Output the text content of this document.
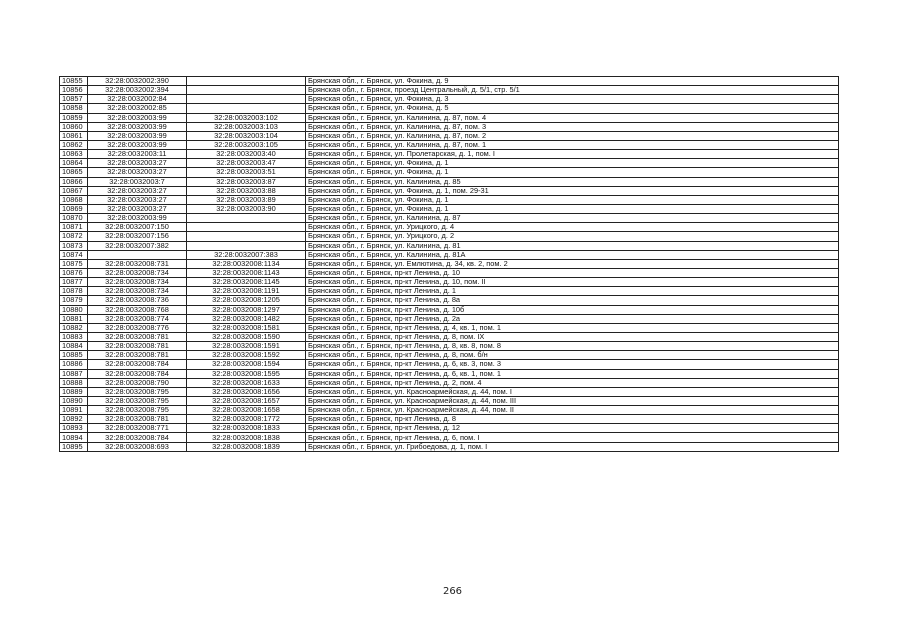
10855	32:28:0032002:390		Брянская обл., г. Брянск, ул. Фокина, д. 9
10856	32:28:0032002:394		Брянская обл., г. Брянск, проезд Центральный, д. 5/1, стр. 5/1
10857	32:28:0032002:84		Брянская обл., г. Брянск, ул. Фокина, д. 3
10858	32:28:0032002:85		Брянская обл., г. Брянск, ул. Фокина, д. 5
10859	32:28:0032003:99	32:28:0032003:102	Брянская обл., г. Брянск, ул. Калинина, д. 87, пом. 4
10860	32:28:0032003:99	32:28:0032003:103	Брянская обл., г. Брянск, ул. Калинина, д. 87, пом. 3
10861	32:28:0032003:99	32:28:0032003:104	Брянская обл., г. Брянск, ул. Калинина, д. 87, пом. 2
10862	32:28:0032003:99	32:28:0032003:105	Брянская обл., г. Брянск, ул. Калинина, д. 87, пом. 1
10863	32:28:0032003:11	32:28:0032003:40	Брянская обл., г. Брянск, ул. Пролетарская, д. 1, пом. I
10864	32:28:0032003:27	32:28:0032003:47	Брянская обл., г. Брянск, ул. Фокина, д. 1
10865	32:28:0032003:27	32:28:0032003:51	Брянская обл., г. Брянск, ул. Фокина, д. 1
10866	32:28:0032003:7	32:28:0032003:87	Брянская обл., г. Брянск, ул. Калинина, д. 85
10867	32:28:0032003:27	32:28:0032003:88	Брянская обл., г. Брянск, ул. Фокина, д. 1, пом. 29-31
10868	32:28:0032003:27	32:28:0032003:89	Брянская обл., г. Брянск, ул. Фокина, д. 1
10869	32:28:0032003:27	32:28:0032003:90	Брянская обл., г. Брянск, ул. Фокина, д. 1
10870	32:28:0032003:99		Брянская обл., г. Брянск, ул. Калинина, д. 87
10871	32:28:0032007:150		Брянская обл., г. Брянск, ул. Урицкого, д. 4
10872	32:28:0032007:156		Брянская обл., г. Брянск, ул. Урицкого, д. 2
10873	32:28:0032007:382		Брянская обл., г. Брянск, ул. Калинина, д. 81
10874		32:28:0032007:383	Брянская обл., г. Брянск, ул. Калинина, д. 81А
10875	32:28:0032008:731	32:28:0032008:1134	Брянская обл., г. Брянск, ул. Емлютина, д. 34, кв. 2, пом. 2
10876	32:28:0032008:734	32:28:0032008:1143	Брянская обл., г. Брянск, пр-кт Ленина, д. 10
10877	32:28:0032008:734	32:28:0032008:1145	Брянская обл., г. Брянск, пр-кт Ленина, д. 10, пом. II
10878	32:28:0032008:734	32:28:0032008:1191	Брянская обл., г. Брянск, пр-кт Ленина, д. 1
10879	32:28:0032008:736	32:28:0032008:1205	Брянская обл., г. Брянск, пр-кт Ленина, д. 8а
10880	32:28:0032008:768	32:28:0032008:1297	Брянская обл., г. Брянск, пр-кт Ленина, д. 10б
10881	32:28:0032008:774	32:28:0032008:1482	Брянская обл., г. Брянск, пр-кт Ленина, д. 2а
10882	32:28:0032008:776	32:28:0032008:1581	Брянская обл., г. Брянск, пр-кт Ленина, д. 4, кв. 1, пом. 1
10883	32:28:0032008:781	32:28:0032008:1590	Брянская обл., г. Брянск, пр-кт Ленина, д. 8, пом. IX
10884	32:28:0032008:781	32:28:0032008:1591	Брянская обл., г. Брянск, пр-кт Ленина, д. 8, кв. 8, пом. 8
10885	32:28:0032008:781	32:28:0032008:1592	Брянская обл., г. Брянск, пр-кт Ленина, д. 8, пом. б/н
10886	32:28:0032008:784	32:28:0032008:1594	Брянская обл., г. Брянск, пр-кт Ленина, д. 6, кв. 3, пом. 3
10887	32:28:0032008:784	32:28:0032008:1595	Брянская обл., г. Брянск, пр-кт Ленина, д. 6, кв. 1, пом. 1
10888	32:28:0032008:790	32:28:0032008:1633	Брянская обл., г. Брянск, пр-кт Ленина, д. 2, пом. 4
10889	32:28:0032008:795	32:28:0032008:1656	Брянская обл., г. Брянск, ул. Красноармейская, д. 44, пом. I
10890	32:28:0032008:795	32:28:0032008:1657	Брянская обл., г. Брянск, ул. Красноармейская, д. 44, пом. III
10891	32:28:0032008:795	32:28:0032008:1658	Брянская обл., г. Брянск, ул. Красноармейская, д. 44, пом. II
10892	32:28:0032008:781	32:28:0032008:1772	Брянская обл., г. Брянск, пр-кт Ленина, д. 8
10893	32:28:0032008:771	32:28:0032008:1833	Брянская обл., г. Брянск, пр-кт Ленина, д. 12
10894	32:28:0032008:784	32:28:0032008:1838	Брянская обл., г. Брянск, пр-кт Ленина, д. 6, пом. I
10895	32:28:0032008:693	32:28:0032008:1839	Брянская обл., г. Брянск, ул. Грибоедова, д. 1, пом. I
266
